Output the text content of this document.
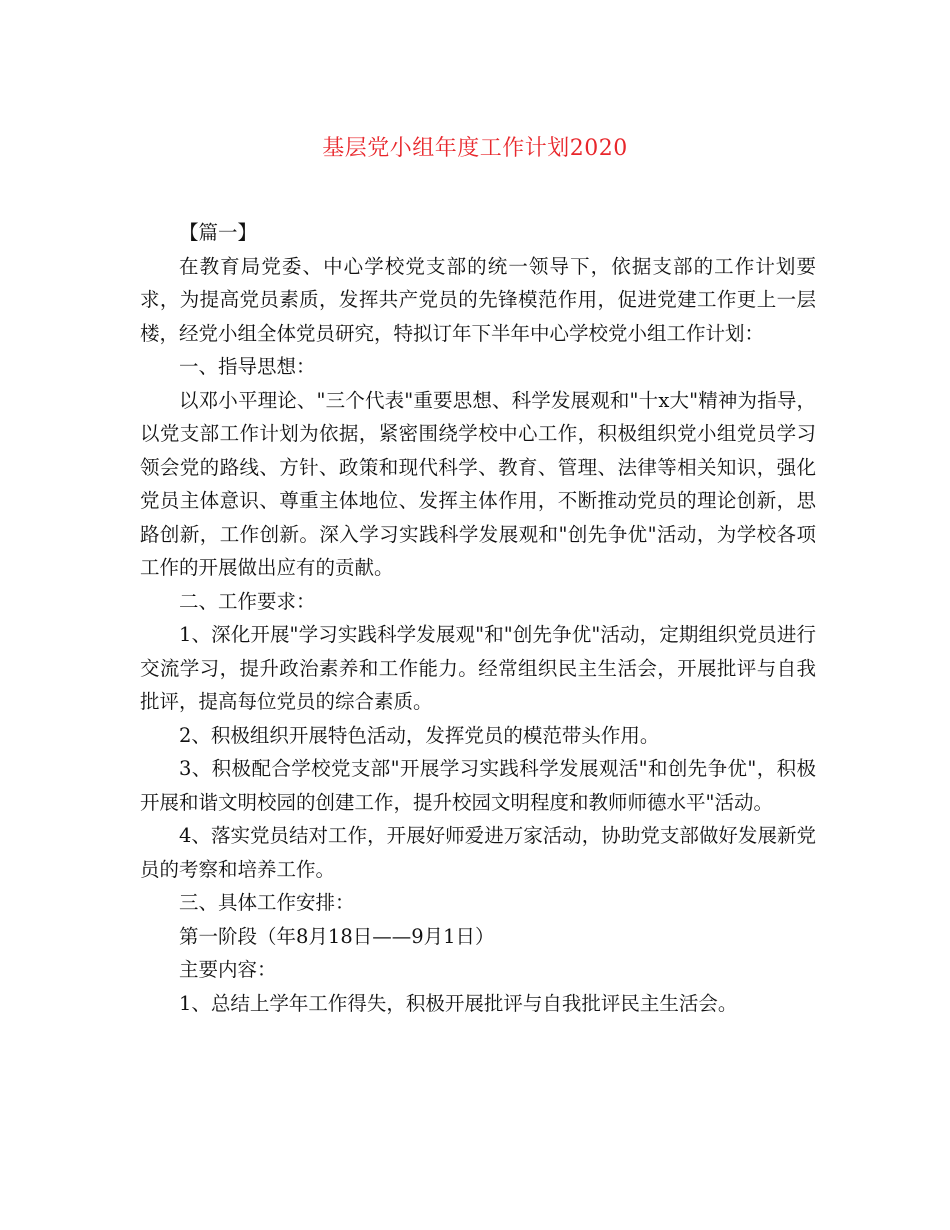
基层党小组年度工作计划2020

【篇一】

在教育局党委、中心学校党支部的统一领导下，依据支部的工作计划要求，为提高党员素质，发挥共产党员的先锋模范作用，促进党建工作更上一层楼，经党小组全体党员研究，特拟订年下半年中心学校党小组工作计划：

一、指导思想：

以邓小平理论、"三个代表"重要思想、科学发展观和"十x大"精神为指导，以党支部工作计划为依据，紧密围绕学校中心工作，积极组织党小组党员学习领会党的路线、方针、政策和现代科学、教育、管理、法律等相关知识，强化党员主体意识、尊重主体地位、发挥主体作用，不断推动党员的理论创新，思路创新，工作创新。深入学习实践科学发展观和"创先争优"活动，为学校各项工作的开展做出应有的贡献。

二、工作要求：

1、深化开展"学习实践科学发展观"和"创先争优"活动，定期组织党员进行交流学习，提升政治素养和工作能力。经常组织民主生活会，开展批评与自我批评，提高每位党员的综合素质。

2、积极组织开展特色活动，发挥党员的模范带头作用。

3、积极配合学校党支部"开展学习实践科学发展观活"和创先争优"，积极开展和谐文明校园的创建工作，提升校园文明程度和教师师德水平"活动。

4、落实党员结对工作，开展好师爱进万家活动，协助党支部做好发展新党员的考察和培养工作。

三、具体工作安排：

第一阶段（年8月18日——9月1日）

主要内容：

1、总结上学年工作得失，积极开展批评与自我批评民主生活会。
